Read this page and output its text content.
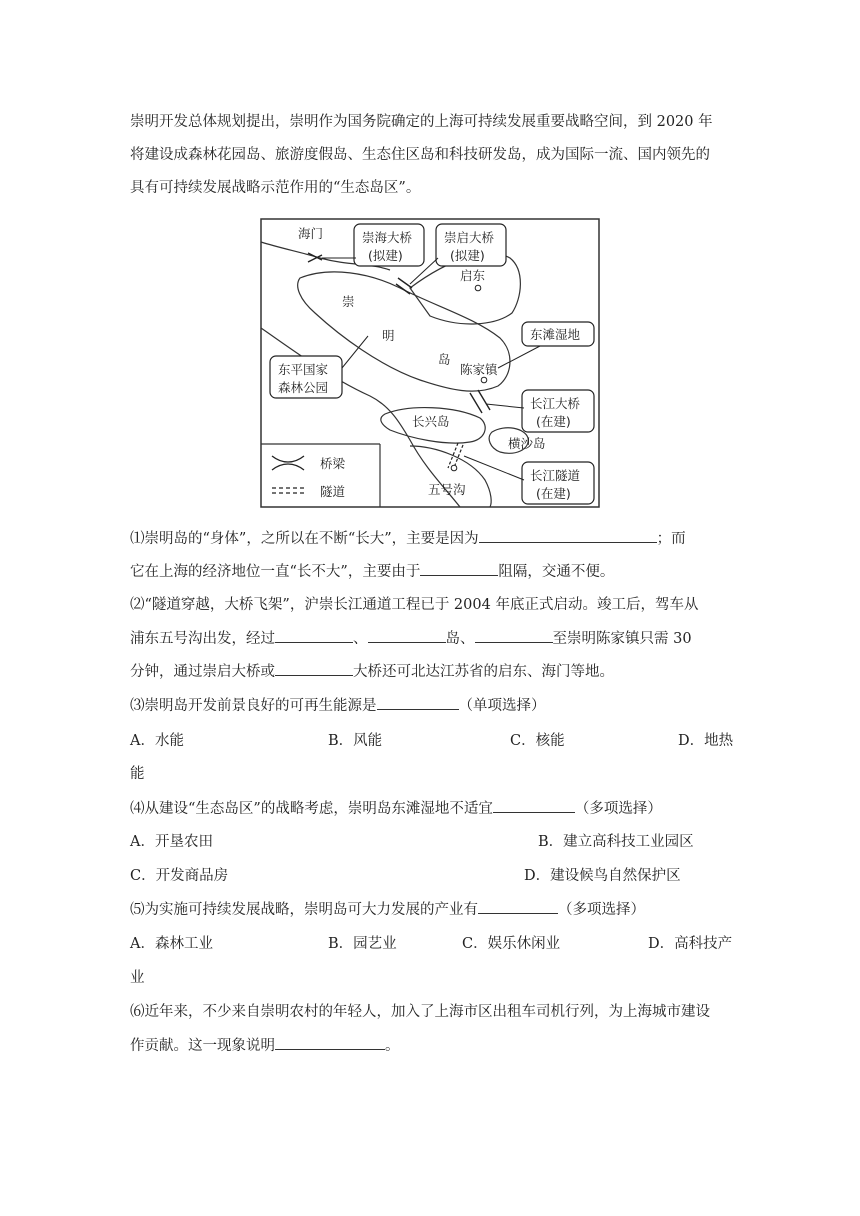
崇明开发总体规划提出，崇明作为国务院确定的上海可持续发展重要战略空间，到 2020 年
将建设成森林花园岛、旅游度假岛、生态住区岛和科技研发岛，成为国际一流、国内领先的
具有可持续发展战略示范作用的“生态岛区”。
海门
崇
明
岛
启东
陈家镇
长兴岛
横沙岛
五号沟
崇海大桥
(拟建)
崇启大桥
(拟建)
东滩湿地
东平国家
森林公园
长江大桥
(在建)
长江隧道
(在建)
桥梁
隧道
⑴崇明岛的“身体”，之所以在不断“长大”，主要是因为	；而
它在上海的经济地位一直“长不大”，主要由于	阻隔，交通不便。
⑵“隧道穿越，大桥飞架”，沪崇长江通道工程已于 2004 年底正式启动。竣工后，驾车从
浦东五号沟出发，经过	、	岛、	至崇明陈家镇只需 30
分钟，通过崇启大桥或	大桥还可北达江苏省的启东、海门等地。
⑶崇明岛开发前景良好的可再生能源是	（单项选择）
A．水能	B．风能	C．核能	D．地热
能
⑷从建设“生态岛区”的战略考虑，崇明岛东滩湿地不适宜	（多项选择）
A．开垦农田	B．建立高科技工业园区
C．开发商品房	D．建设候鸟自然保护区
⑸为实施可持续发展战略，崇明岛可大力发展的产业有	（多项选择）
A．森林工业	B．园艺业	C．娱乐休闲业	D．高科技产
业
⑹近年来，不少来自崇明农村的年轻人，加入了上海市区出租车司机行列，为上海城市建设
作贡献。这一现象说明	。
